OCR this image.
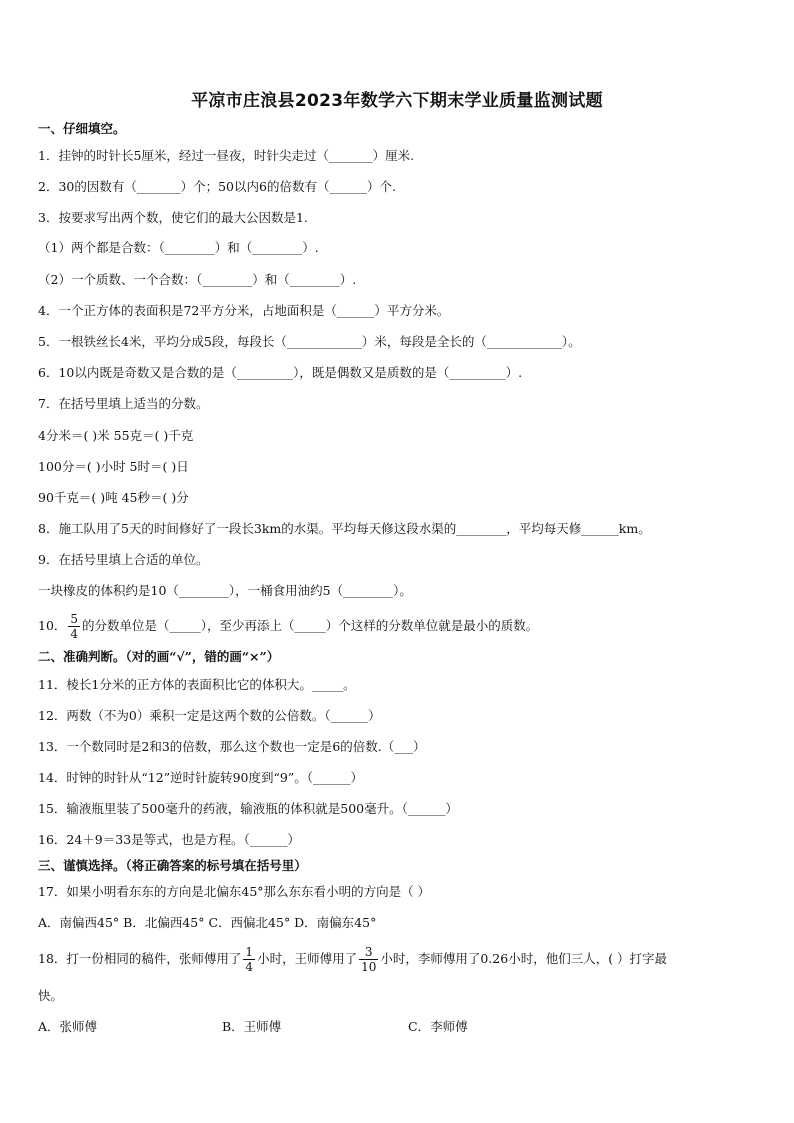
平凉市庄浪县2023年数学六下期末学业质量监测试题
一、仔细填空。
1．挂钟的时针长5厘米，经过一昼夜，时针尖走过（_______）厘米.
2．30的因数有（_______）个；50以内6的倍数有（______）个.
3．按要求写出两个数，使它们的最大公因数是1.
（1）两个都是合数：（________）和（________）.
（2）一个质数、一个合数：（________）和（________）.
4．一个正方体的表面积是72平方分米，占地面积是（______）平方分米。
5．一根铁丝长4米，平均分成5段，每段长（____________）米，每段是全长的（____________）。
6．10以内既是奇数又是合数的是（_________），既是偶数又是质数的是（_________）.
7．在括号里填上适当的分数。
4分米＝( )米 55克＝( )千克
100分＝( )小时 5时＝( )日
90千克＝( )吨 45秒＝( )分
8．施工队用了5天的时间修好了一段长3km的水渠。平均每天修这段水渠的________，平均每天修______km。
9．在括号里填上合适的单位。
一块橡皮的体积约是10（________），一桶食用油约5（________）。
10． $\frac{5}{4}$ 的分数单位是（_____），至少再添上（_____）个这样的分数单位就是最小的质数。
二、准确判断。（对的画“√”，错的画“×”）
11．棱长1分米的正方体的表面积比它的体积大。_____。
12．两数（不为0）乘积一定是这两个数的公倍数。（______）
13．一个数同时是2和3的倍数，那么这个数也一定是6的倍数.（___）
14．时钟的时针从“12”逆时针旋转90度到“9”。（______）
15．输液瓶里装了500毫升的药液，输液瓶的体积就是500毫升。（______）
16．24＋9＝33是等式，也是方程。（______）
三、谨慎选择。（将正确答案的标号填在括号里）
17．如果小明看东东的方向是北偏东45°那么东东看小明的方向是（ ）
A．南偏西45° B．北偏西45° C．西偏北45° D．南偏东45°
18．打一份相同的稿件，张师傅用了 $\frac{1}{4}$ 小时，王师傅用了 $\frac{3}{10}$ 小时，李师傅用了0.26小时，他们三人，( ）打字最
快。
A．张师傅	B．王师傅	C．李师傅
